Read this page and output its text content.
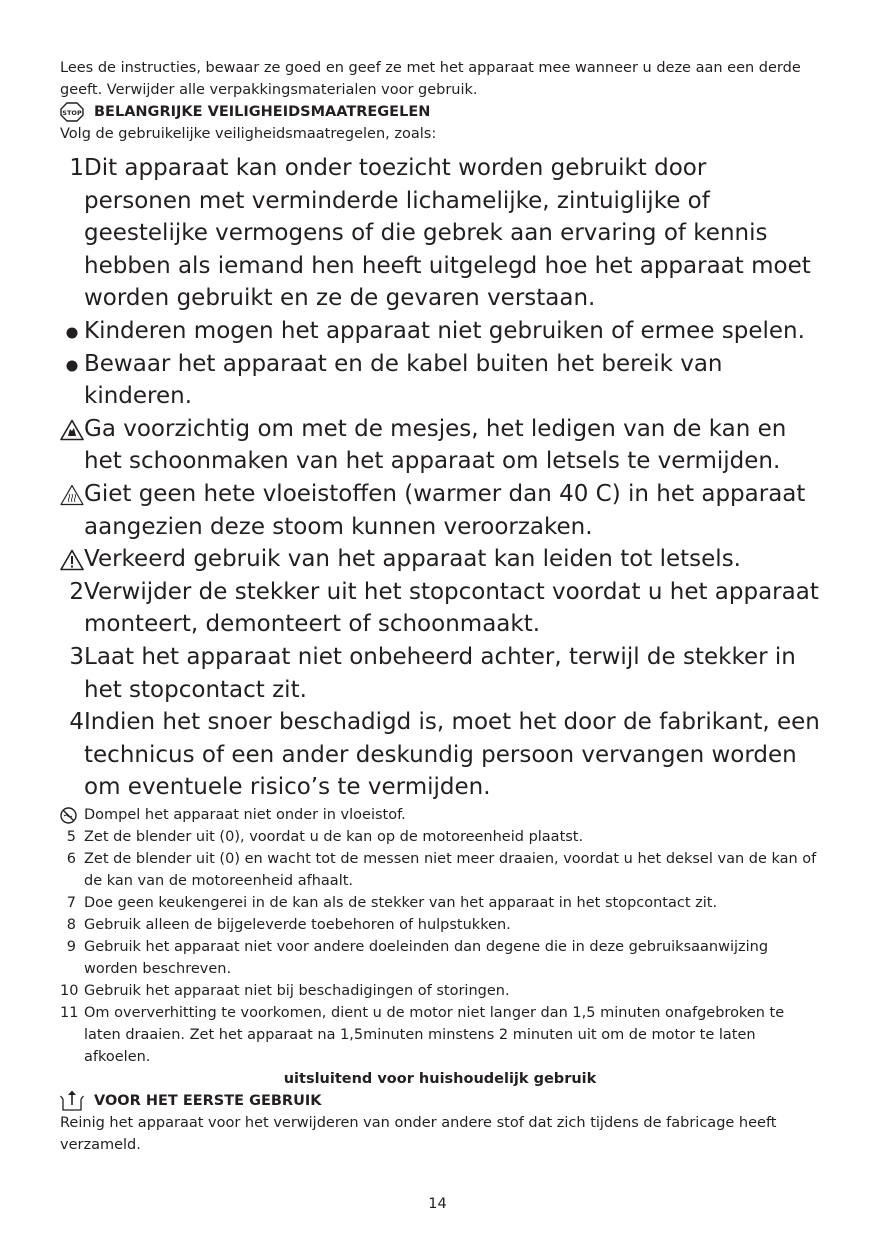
Lees de instructies, bewaar ze goed en geef ze met het apparaat mee wanneer u deze aan een derde geeft. Verwijder alle verpakkingsmaterialen voor gebruik.
STOP BELANGRIJKE VEILIGHEIDSMAATREGELEN
Volg de gebruikelijke veiligheidsmaatregelen, zoals:
1 Dit apparaat kan onder toezicht worden gebruikt door personen met verminderde lichamelijke, zintuiglijke of geestelijke vermogens of die gebrek aan ervaring of kennis hebben als iemand hen heeft uitgelegd hoe het apparaat moet worden gebruikt en ze de gevaren verstaan.
Kinderen mogen het apparaat niet gebruiken of ermee spelen.
Bewaar het apparaat en de kabel buiten het bereik van kinderen.
Ga voorzichtig om met de mesjes, het ledigen van de kan en het schoonmaken van het apparaat om letsels te vermijden.
Giet geen hete vloeistoffen (warmer dan 40 C) in het apparaat aangezien deze stoom kunnen veroorzaken.
Verkeerd gebruik van het apparaat kan leiden tot letsels.
2 Verwijder de stekker uit het stopcontact voordat u het apparaat monteert, demonteert of schoonmaakt.
3 Laat het apparaat niet onbeheerd achter, terwijl de stekker in het stopcontact zit.
4 Indien het snoer beschadigd is, moet het door de fabrikant, een technicus of een ander deskundig persoon vervangen worden om eventuele risico’s te vermijden.
Dompel het apparaat niet onder in vloeistof.
5 Zet de blender uit (0), voordat u de kan op de motoreenheid plaatst.
6 Zet de blender uit (0) en wacht tot de messen niet meer draaien, voordat u het deksel van de kan of de kan van de motoreenheid afhaalt.
7 Doe geen keukengerei in de kan als de stekker van het apparaat in het stopcontact zit.
8 Gebruik alleen de bijgeleverde toebehoren of hulpstukken.
9 Gebruik het apparaat niet voor andere doeleinden dan degene die in deze gebruiksaanwijzing worden beschreven.
10 Gebruik het apparaat niet bij beschadigingen of storingen.
11 Om oververhitting te voorkomen, dient u de motor niet langer dan 1,5 minuten onafgebroken te laten draaien. Zet het apparaat na 1,5minuten minstens 2 minuten uit om de motor te laten afkoelen.
uitsluitend voor huishoudelijk gebruik
VOOR HET EERSTE GEBRUIK
Reinig het apparaat voor het verwijderen van onder andere stof dat zich tijdens de fabricage heeft verzameld.
14
